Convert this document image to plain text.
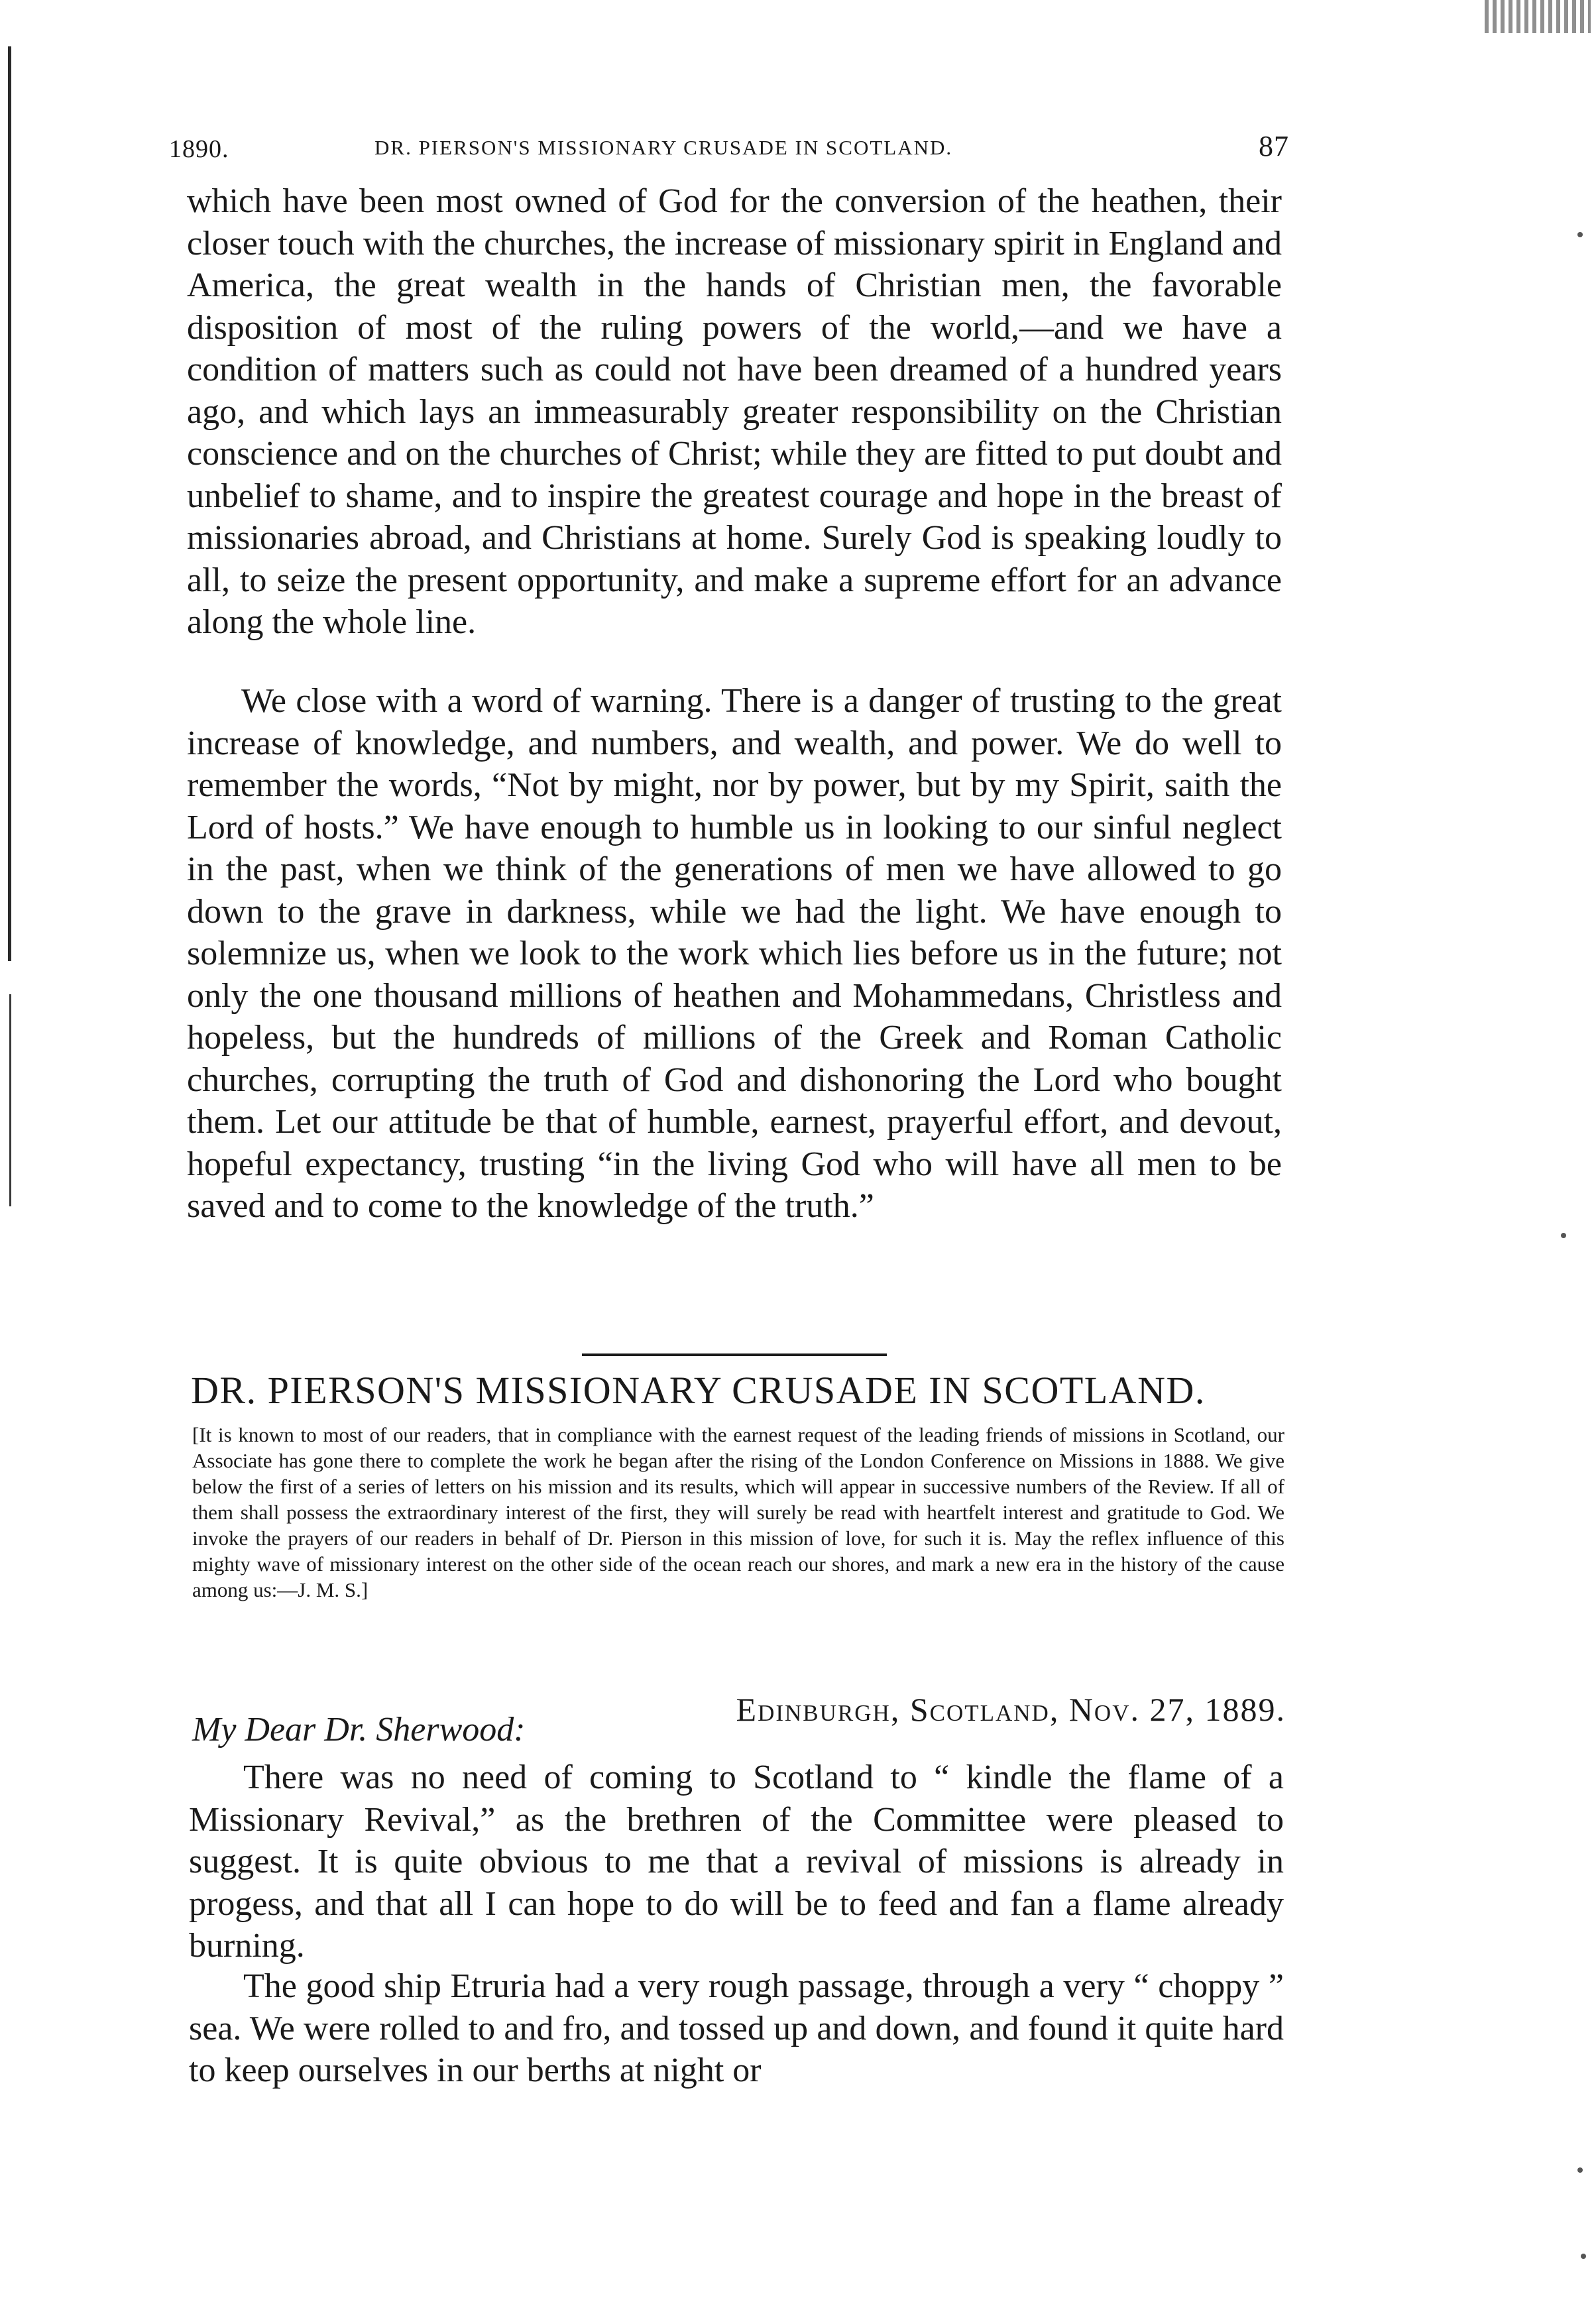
1890.	DR. PIERSON'S MISSIONARY CRUSADE IN SCOTLAND.	87

which have been most owned of God for the conversion of the heathen, their closer touch with the churches, the increase of missionary spirit in England and America, the great wealth in the hands of Christian men, the favorable disposition of most of the ruling powers of the world,—and we have a condition of matters such as could not have been dreamed of a hundred years ago, and which lays an immeasurably greater responsibility on the Christian conscience and on the churches of Christ; while they are fitted to put doubt and unbelief to shame, and to inspire the greatest courage and hope in the breast of missionaries abroad, and Christians at home. Surely God is speaking loudly to all, to seize the present opportunity, and make a supreme effort for an advance along the whole line.

We close with a word of warning. There is a danger of trusting to the great increase of knowledge, and numbers, and wealth, and power. We do well to remember the words, “Not by might, nor by power, but by my Spirit, saith the Lord of hosts.” We have enough to humble us in looking to our sinful neglect in the past, when we think of the generations of men we have allowed to go down to the grave in darkness, while we had the light. We have enough to solemnize us, when we look to the work which lies before us in the future; not only the one thousand millions of heathen and Mohammedans, Christless and hopeless, but the hundreds of millions of the Greek and Roman Catholic churches, corrupting the truth of God and dishonoring the Lord who bought them. Let our attitude be that of humble, earnest, prayerful effort, and devout, hopeful expectancy, trusting “in the living God who will have all men to be saved and to come to the knowledge of the truth.”

DR. PIERSON'S MISSIONARY CRUSADE IN SCOTLAND.

[It is known to most of our readers, that in compliance with the earnest request of the leading friends of missions in Scotland, our Associate has gone there to complete the work he began after the rising of the London Conference on Missions in 1888. We give below the first of a series of letters on his mission and its results, which will appear in successive numbers of the Review. If all of them shall possess the extraordinary interest of the first, they will surely be read with heartfelt interest and gratitude to God. We invoke the prayers of our readers in behalf of Dr. Pierson in this mission of love, for such it is. May the reflex influence of this mighty wave of missionary interest on the other side of the ocean reach our shores, and mark a new era in the history of the cause among us:—J. M. S.]

My Dear Dr. Sherwood:
Edinburgh, Scotland, Nov. 27, 1889.

There was no need of coming to Scotland to “ kindle the flame of a Missionary Revival,” as the brethren of the Committee were pleased to suggest. It is quite obvious to me that a revival of missions is already in progess, and that all I can hope to do will be to feed and fan a flame already burning.

The good ship Etruria had a very rough passage, through a very “ choppy ” sea. We were rolled to and fro, and tossed up and down, and found it quite hard to keep ourselves in our berths at night or
